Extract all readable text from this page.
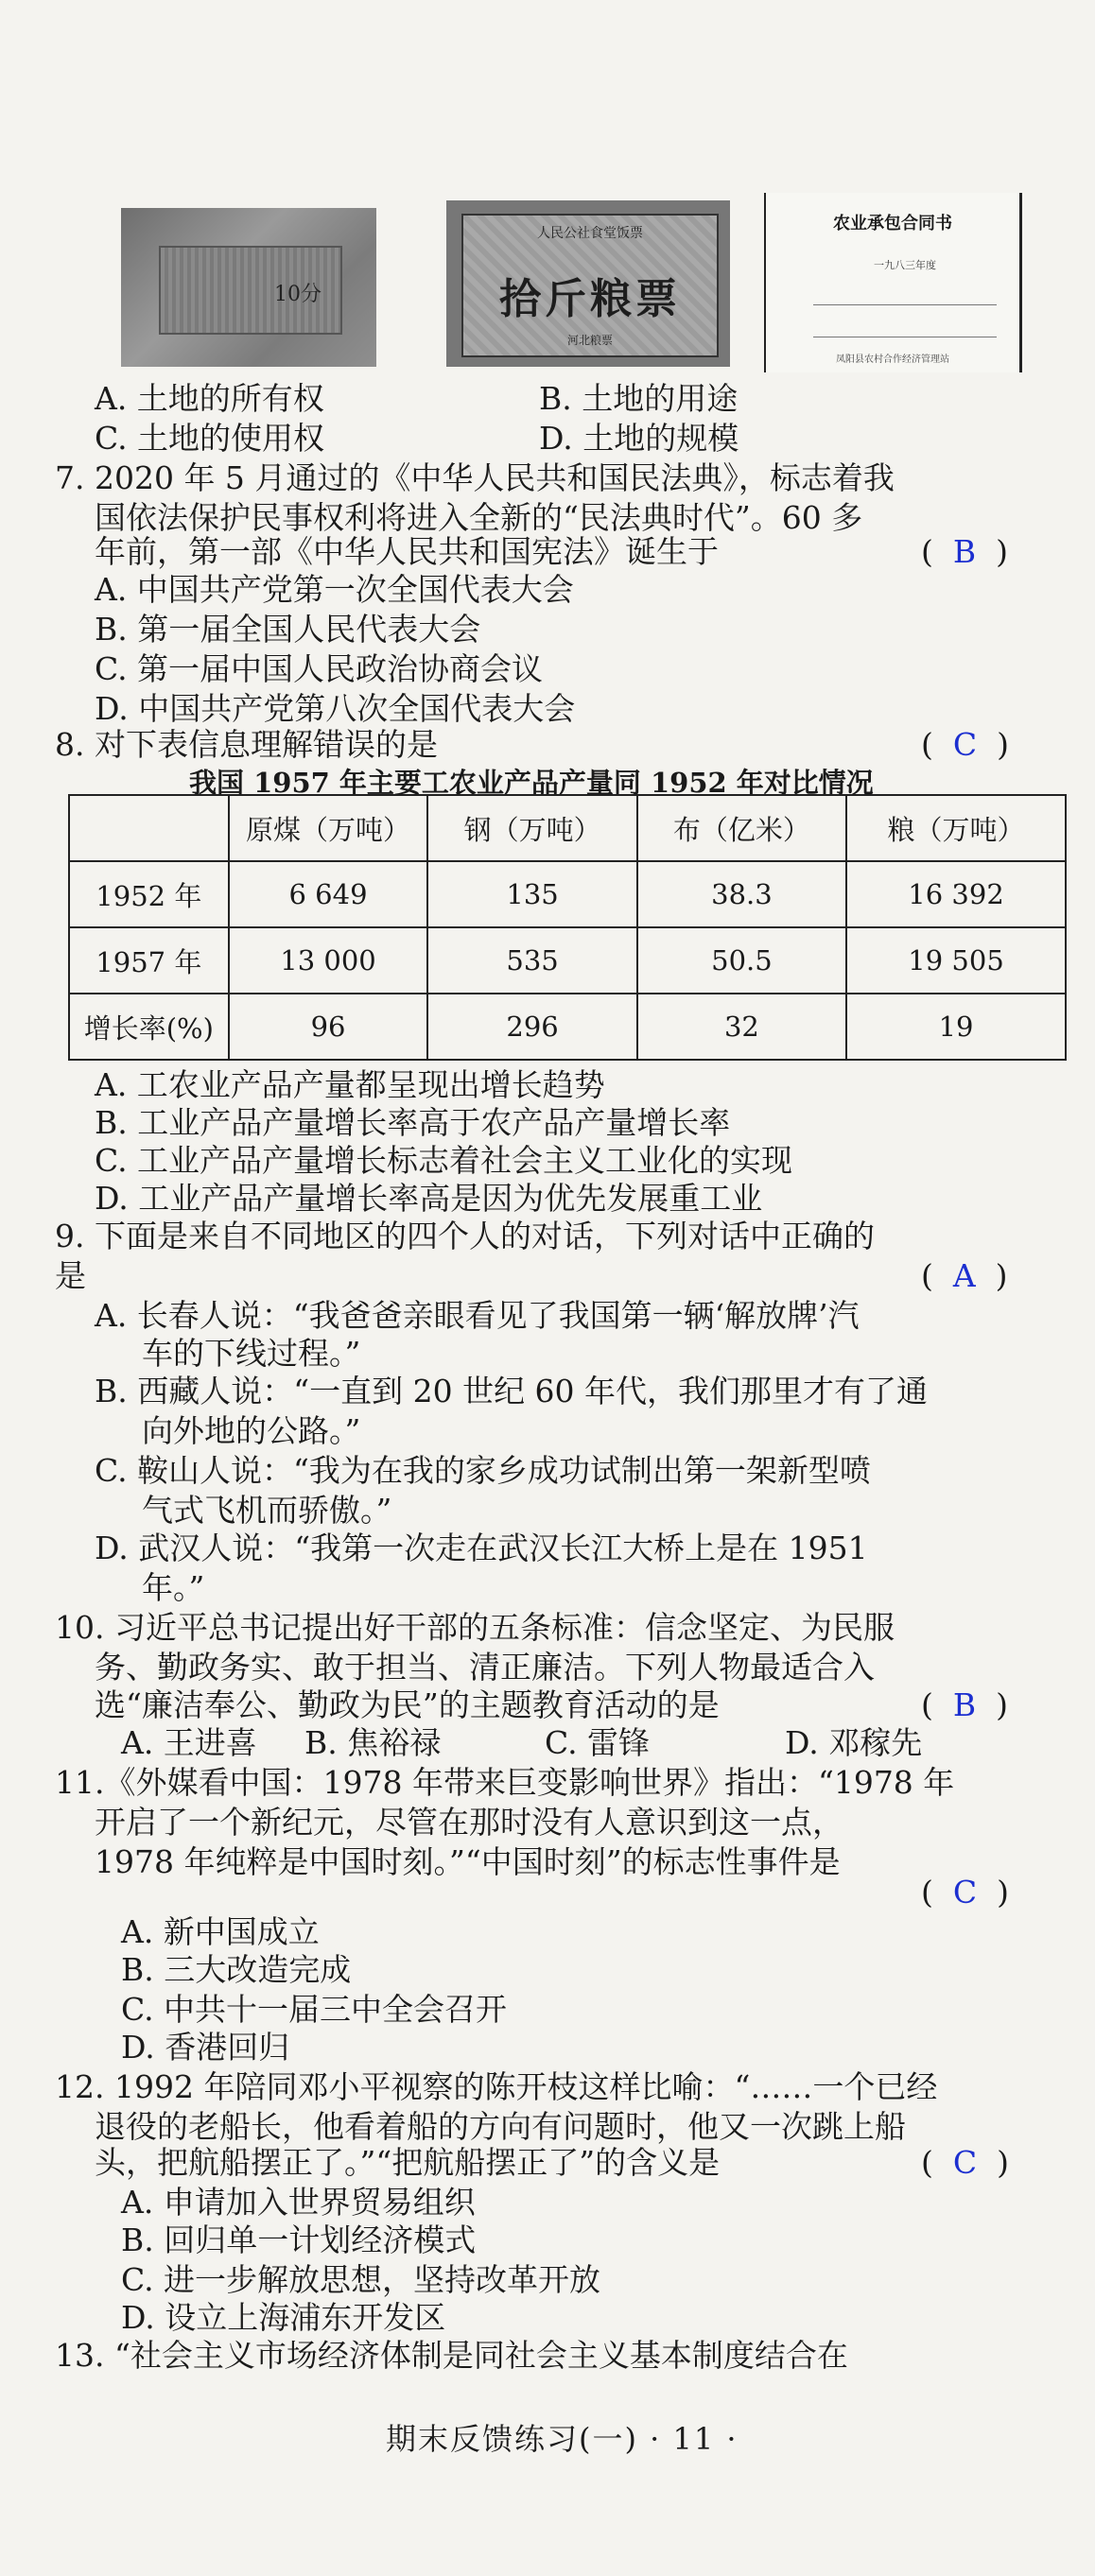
10分
人民公社食堂饭票
拾斤粮票
河北粮票
农业承包合同书
一九八三年度
凤阳县农村合作经济管理站
A. 土地的所有权	B. 土地的用途
C. 土地的使用权	D. 土地的规模
7. 2020 年 5 月通过的《中华人民共和国民法典》，标志着我
国依法保护民事权利将进入全新的“民法典时代”。60 多
年前，第一部《中华人民共和国宪法》诞生于	(  B  )
A. 中国共产党第一次全国代表大会
B. 第一届全国人民代表大会
C. 第一届中国人民政治协商会议
D. 中国共产党第八次全国代表大会
8. 对下表信息理解错误的是	(  C  )
我国 1957 年主要工农业产品产量同 1952 年对比情况
	原煤（万吨）	钢（万吨）	布（亿米）	粮（万吨）
1952 年	6 649	135	38.3	16 392
1957 年	13 000	535	50.5	19 505
增长率(%)	96	296	32	19
A. 工农业产品产量都呈现出增长趋势
B. 工业产品产量增长率高于农产品产量增长率
C. 工业产品产量增长标志着社会主义工业化的实现
D. 工业产品产量增长率高是因为优先发展重工业
9. 下面是来自不同地区的四个人的对话，下列对话中正确的
是	(  A  )
A. 长春人说：“我爸爸亲眼看见了我国第一辆‘解放牌’汽
车的下线过程。”
B. 西藏人说：“一直到 20 世纪 60 年代，我们那里才有了通
向外地的公路。”
C. 鞍山人说：“我为在我的家乡成功试制出第一架新型喷
气式飞机而骄傲。”
D. 武汉人说：“我第一次走在武汉长江大桥上是在 1951
年。”
10. 习近平总书记提出好干部的五条标准：信念坚定、为民服
务、勤政务实、敢于担当、清正廉洁。下列人物最适合入
选“廉洁奉公、勤政为民”的主题教育活动的是	(  B  )
A. 王进喜 B. 焦裕禄	C. 雷锋	D. 邓稼先
11.《外媒看中国：1978 年带来巨变影响世界》指出：“1978 年
开启了一个新纪元，尽管在那时没有人意识到这一点，
1978 年纯粹是中国时刻。”“中国时刻”的标志性事件是
(  C  )
A. 新中国成立
B. 三大改造完成
C. 中共十一届三中全会召开
D. 香港回归
12. 1992 年陪同邓小平视察的陈开枝这样比喻：“……一个已经
退役的老船长，他看着船的方向有问题时，他又一次跳上船
头，把航船摆正了。”“把航船摆正了”的含义是	(  C  )
A. 申请加入世界贸易组织
B. 回归单一计划经济模式
C. 进一步解放思想，坚持改革开放
D. 设立上海浦东开发区
13. “社会主义市场经济体制是同社会主义基本制度结合在
期末反馈练习(一) · 11 ·
